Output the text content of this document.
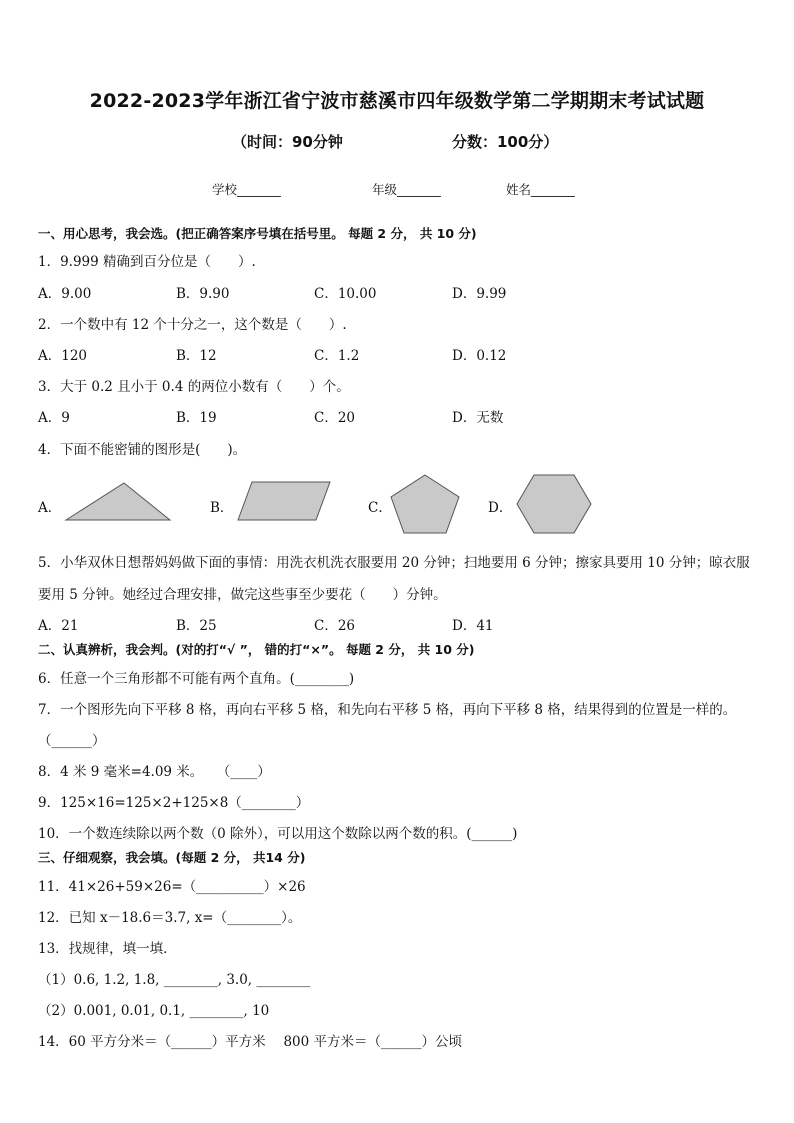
2022-2023学年浙江省宁波市慈溪市四年级数学第二学期期末考试试题
（时间：90分钟	分数：100分）
学校_______	年级_______	姓名_______
一、用心思考，我会选。(把正确答案序号填在括号里。 每题 2 分， 共 10 分)
1．9.999 精确到百分位是（　　）.
A．9.00	B．9.90	C．10.00	D．9.99
2．一个数中有 12 个十分之一，这个数是（　　）.
A．120	B．12	C．1.2	D．0.12
3．大于 0.2 且小于 0.4 的两位小数有（　　）个。
A．9	B．19	C．20	D．无数
4．下面不能密铺的图形是(　　)。
A．	B．	C．	D．
5．小华双休日想帮妈妈做下面的事情：用洗衣机洗衣服要用 20 分钟；扫地要用 6 分钟；擦家具要用 10 分钟；晾衣服
要用 5 分钟。她经过合理安排，做完这些事至少要花（　　）分钟。
A．21	B．25	C．26	D．41
二、认真辨析，我会判。(对的打“√ ”， 错的打“×”。 每题 2 分， 共 10 分)
6．任意一个三角形都不可能有两个直角。(________)
7．一个图形先向下平移 8 格，再向右平移 5 格，和先向右平移 5 格，再向下平移 8 格，结果得到的位置是一样的。
（______）
8．4 米 9 毫米=4.09 米。　　（____）
9．125×16=125×2+125×8（________）
10．一个数连续除以两个数（0 除外），可以用这个数除以两个数的积。(______)
三、仔细观察，我会填。(每题 2 分， 共14 分)
11．41×26+59×26=（__________）×26
12．已知 x－18.6＝3.7, x=（________）。
13．找规律，填一填．
（1）0.6, 1.2, 1.8, ________, 3.0, ________
（2）0.001, 0.01, 0.1, ________, 10
14．60 平方分米＝（______）平方米　 800 平方米＝（______）公顷
